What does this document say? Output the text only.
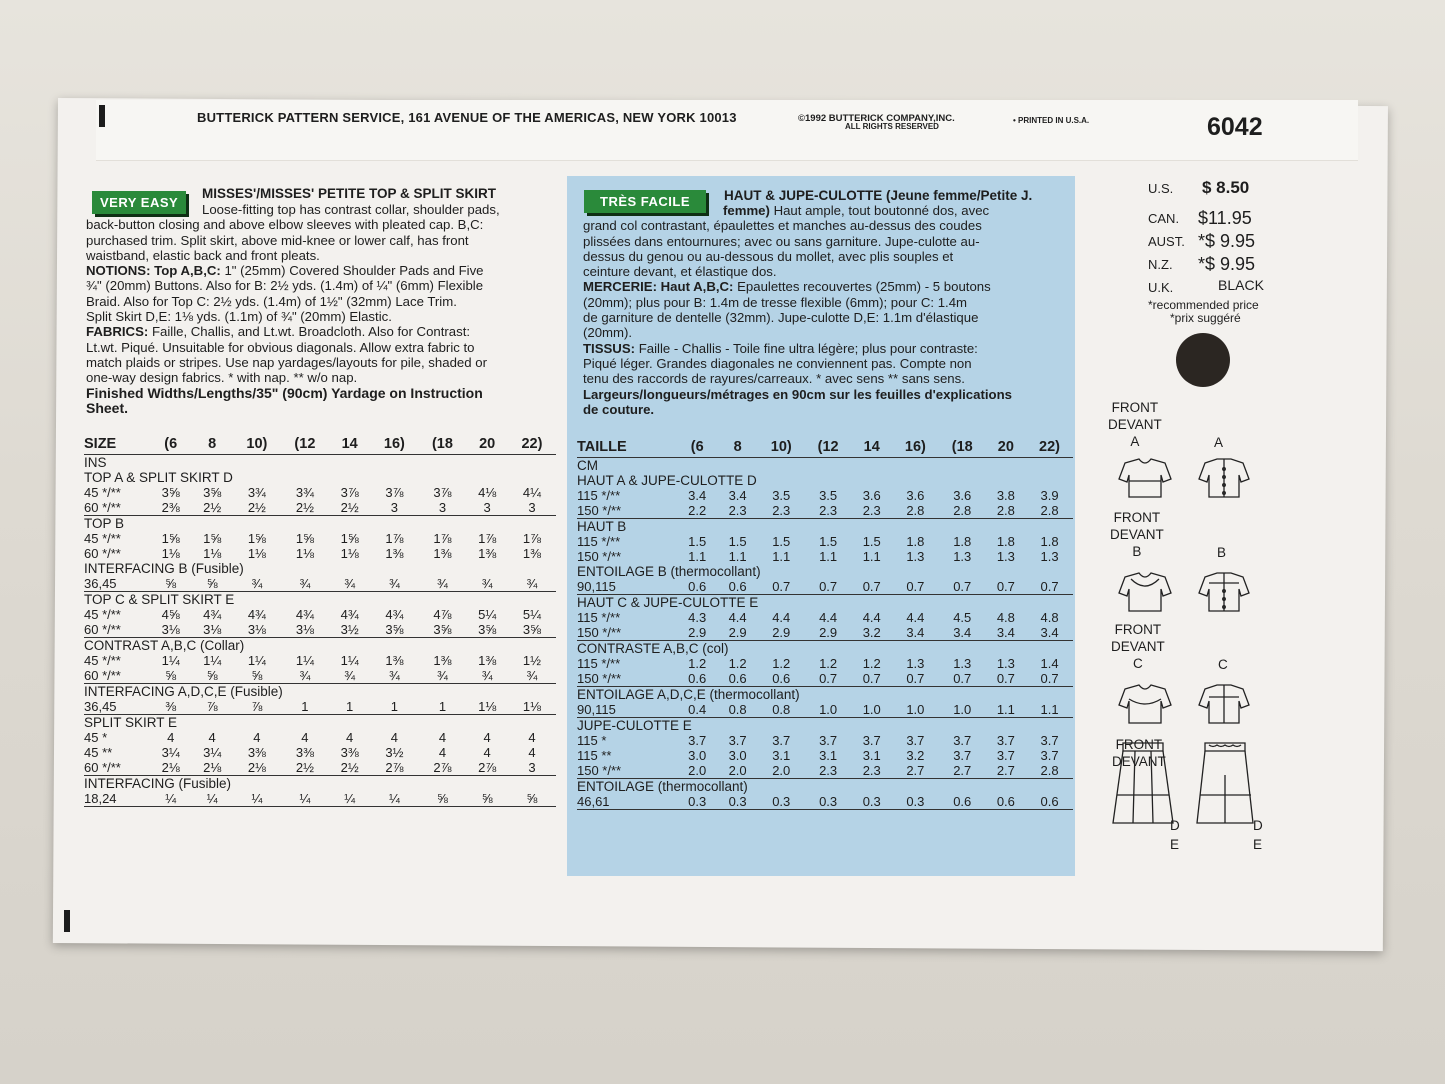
BUTTERICK PATTERN SERVICE, 161 AVENUE OF THE AMERICAS, NEW YORK 10013	©1992 BUTTERICK COMPANY,INC.	• PRINTED IN U.S.A.
ALL RIGHTS RESERVED	6042
VERY EASY

MISSES'/MISSES' PETITE TOP & SPLIT SKIRT

Loose-fitting top has contrast collar, shoulder pads,
back-button closing and above elbow sleeves with pleated cap. B,C:
purchased trim. Split skirt, above mid-knee or lower calf, has front
waistband, elastic back and front pleats.
NOTIONS: Top A,B,C: 1" (25mm) Covered Shoulder Pads and Five
¾" (20mm) Buttons. Also for B: 2½ yds. (1.4m) of ¼" (6mm) Flexible
Braid. Also for Top C: 2½ yds. (1.4m) of 1½" (32mm) Lace Trim.
Split Skirt D,E: 1⅛ yds. (1.1m) of ¾" (20mm) Elastic.
FABRICS: Faille, Challis, and Lt.wt. Broadcloth. Also for Contrast:
Lt.wt. Piqué. Unsuitable for obvious diagonals. Allow extra fabric to
match plaids or stripes. Use nap yardages/layouts for pile, shaded or
one-way design fabrics. * with nap. ** w/o nap.
Finished Widths/Lengths/35" (90cm) Yardage on Instruction
Sheet.
TRÈS FACILE	HAUT & JUPE-CULOTTE (Jeune femme/Petite J.
femme) Haut ample, tout boutonné dos, avec
grand col contrastant, épaulettes et manches au-dessus des coudes
plissées dans entournures; avec ou sans garniture. Jupe-culotte au-
dessus du genou ou au-dessous du mollet, avec plis souples et
ceinture devant, et élastique dos.
MERCERIE: Haut A,B,C: Epaulettes recouvertes (25mm) - 5 boutons
(20mm); plus pour B: 1.4m de tresse flexible (6mm); pour C: 1.4m
de garniture de dentelle (32mm). Jupe-culotte D,E: 1.1m d'élastique
(20mm).
TISSUS: Faille - Challis - Toile fine ultra légère; plus pour contraste:
Piqué léger. Grandes diagonales ne conviennent pas. Compte non
tenu des raccords de rayures/carreaux. * avec sens ** sans sens.
Largeurs/longueurs/métrages en 90cm sur les feuilles d'explications
de couture.
SIZE	(6	8	10)	(12	14	16)	(18	20	22)

INS									
TOP A & SPLIT SKIRT D									
45 */**	3⅝	3⅝	3¾	3¾	3⅞	3⅞	3⅞	4⅛	4¼
60 */**	2⅜	2½	2½	2½	2½	3	3	3	3

TOP B									
45 */**	1⅝	1⅝	1⅝	1⅝	1⅝	1⅞	1⅞	1⅞	1⅞
60 */**	1⅛	1⅛	1⅛	1⅛	1⅛	1⅜	1⅜	1⅜	1⅜
INTERFACING B (Fusible)									
36,45	⅝	⅝	¾	¾	¾	¾	¾	¾	¾

TOP C & SPLIT SKIRT E									
45 */**	4⅝	4¾	4¾	4¾	4¾	4¾	4⅞	5¼	5¼
60 */**	3⅛	3⅛	3⅛	3⅛	3½	3⅝	3⅝	3⅝	3⅝

CONTRAST A,B,C (Collar)									
45 */**	1¼	1¼	1¼	1¼	1¼	1⅜	1⅜	1⅜	1½
60 */**	⅝	⅝	⅝	¾	¾	¾	¾	¾	¾

INTERFACING A,D,C,E (Fusible)									
36,45	⅜	⅞	⅞	1	1	1	1	1⅛	1⅛

SPLIT SKIRT E									
45 *	4	4	4	4	4	4	4	4	4
45 **	3¼	3¼	3⅜	3⅜	3⅜	3½	4	4	4
60 */**	2⅛	2⅛	2⅛	2½	2½	2⅞	2⅞	2⅞	3

INTERFACING (Fusible)									
18,24	¼	¼	¼	¼	¼	¼	⅝	⅝	⅝

TAILLE	(6	8	10)	(12	14	16)	(18	20	22)

CM									
HAUT A & JUPE-CULOTTE D									
115 */**	3.4	3.4	3.5	3.5	3.6	3.6	3.6	3.8	3.9
150 */**	2.2	2.3	2.3	2.3	2.3	2.8	2.8	2.8	2.8

HAUT B									
115 */**	1.5	1.5	1.5	1.5	1.5	1.8	1.8	1.8	1.8
150 */**	1.1	1.1	1.1	1.1	1.1	1.3	1.3	1.3	1.3
ENTOILAGE B (thermocollant)									
90,115	0.6	0.6	0.7	0.7	0.7	0.7	0.7	0.7	0.7

HAUT C & JUPE-CULOTTE E									
115 */**	4.3	4.4	4.4	4.4	4.4	4.4	4.5	4.8	4.8
150 */**	2.9	2.9	2.9	2.9	3.2	3.4	3.4	3.4	3.4

CONTRASTE A,B,C (col)									
115 */**	1.2	1.2	1.2	1.2	1.2	1.3	1.3	1.3	1.4
150 */**	0.6	0.6	0.6	0.7	0.7	0.7	0.7	0.7	0.7

ENTOILAGE A,D,C,E (thermocollant)									
90,115	0.4	0.8	0.8	1.0	1.0	1.0	1.0	1.1	1.1

JUPE-CULOTTE E									
115 *	3.7	3.7	3.7	3.7	3.7	3.7	3.7	3.7	3.7
115 **	3.0	3.0	3.1	3.1	3.1	3.2	3.7	3.7	3.7
150 */**	2.0	2.0	2.0	2.3	2.3	2.7	2.7	2.7	2.8

ENTOILAGE (thermocollant)									
46,61	0.3	0.3	0.3	0.3	0.3	0.3	0.6	0.6	0.6

U.S. $ 8.50
CAN. $11.95
AUST. *$ 9.95
N.Z. *$ 9.95
U.K.	BLACK
*recommended price
*prix suggéré
FRONT
DEVANT
A	A
FRONT
DEVANT
B	B
FRONT
DEVANT
C	C
FRONT
DEVANT
D
E
D
E
